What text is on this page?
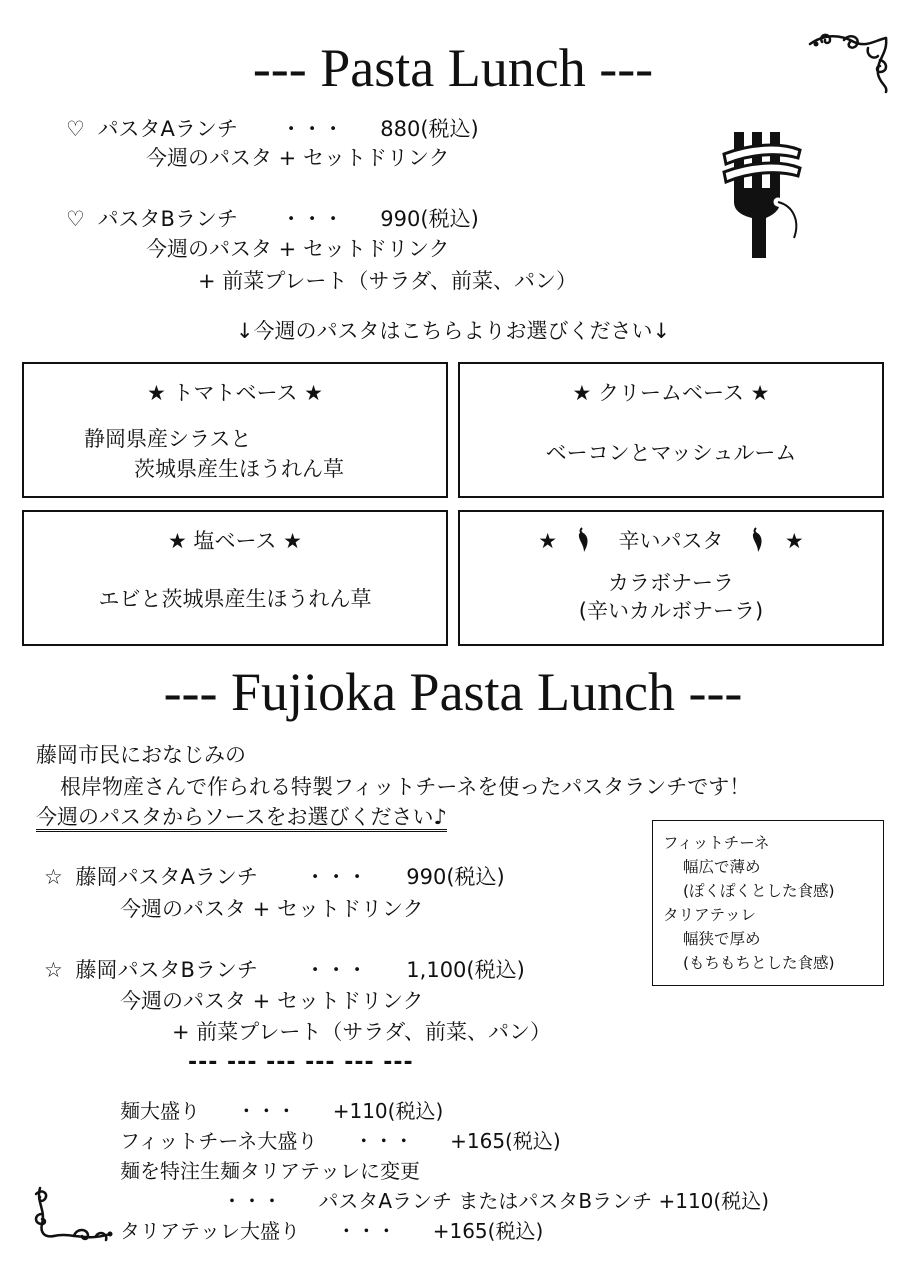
--- Pasta Lunch ---
♡ パスタAランチ ・・・ 880(税込)
今週のパスタ + セットドリンク
♡ パスタBランチ ・・・ 990(税込)
今週のパスタ + セットドリンク
+ 前菜プレート（サラダ、前菜、パン）
↓今週のパスタはこちらよりお選びください↓
★ トマトベース ★
静岡県産シラスと
茨城県産生ほうれん草
★ クリームベース ★
ベーコンとマッシュルーム
★ 塩ベース ★
エビと茨城県産生ほうれん草
★	辛いパスタ	★
カラボナーラ
(辛いカルボナーラ)
--- Fujioka Pasta Lunch ---
藤岡市民におなじみの
根岸物産さんで作られる特製フィットチーネを使ったパスタランチです！
今週のパスタからソースをお選びください♪
フィットチーネ
幅広で薄め
(ぽくぽくとした食感)
タリアテッレ
幅狭で厚め
(もちもちとした食感)
☆ 藤岡パスタAランチ ・・・ 990(税込)
今週のパスタ + セットドリンク
☆ 藤岡パスタBランチ ・・・ 1,100(税込)
今週のパスタ + セットドリンク
+ 前菜プレート（サラダ、前菜、パン）
--- --- --- --- --- ---
麺大盛り ・・・ +110(税込)
フィットチーネ大盛り ・・・ +165(税込)
麺を特注生麺タリアテッレに変更
・・・ パスタAランチ またはパスタBランチ +110(税込)
タリアテッレ大盛り ・・・ +165(税込)
